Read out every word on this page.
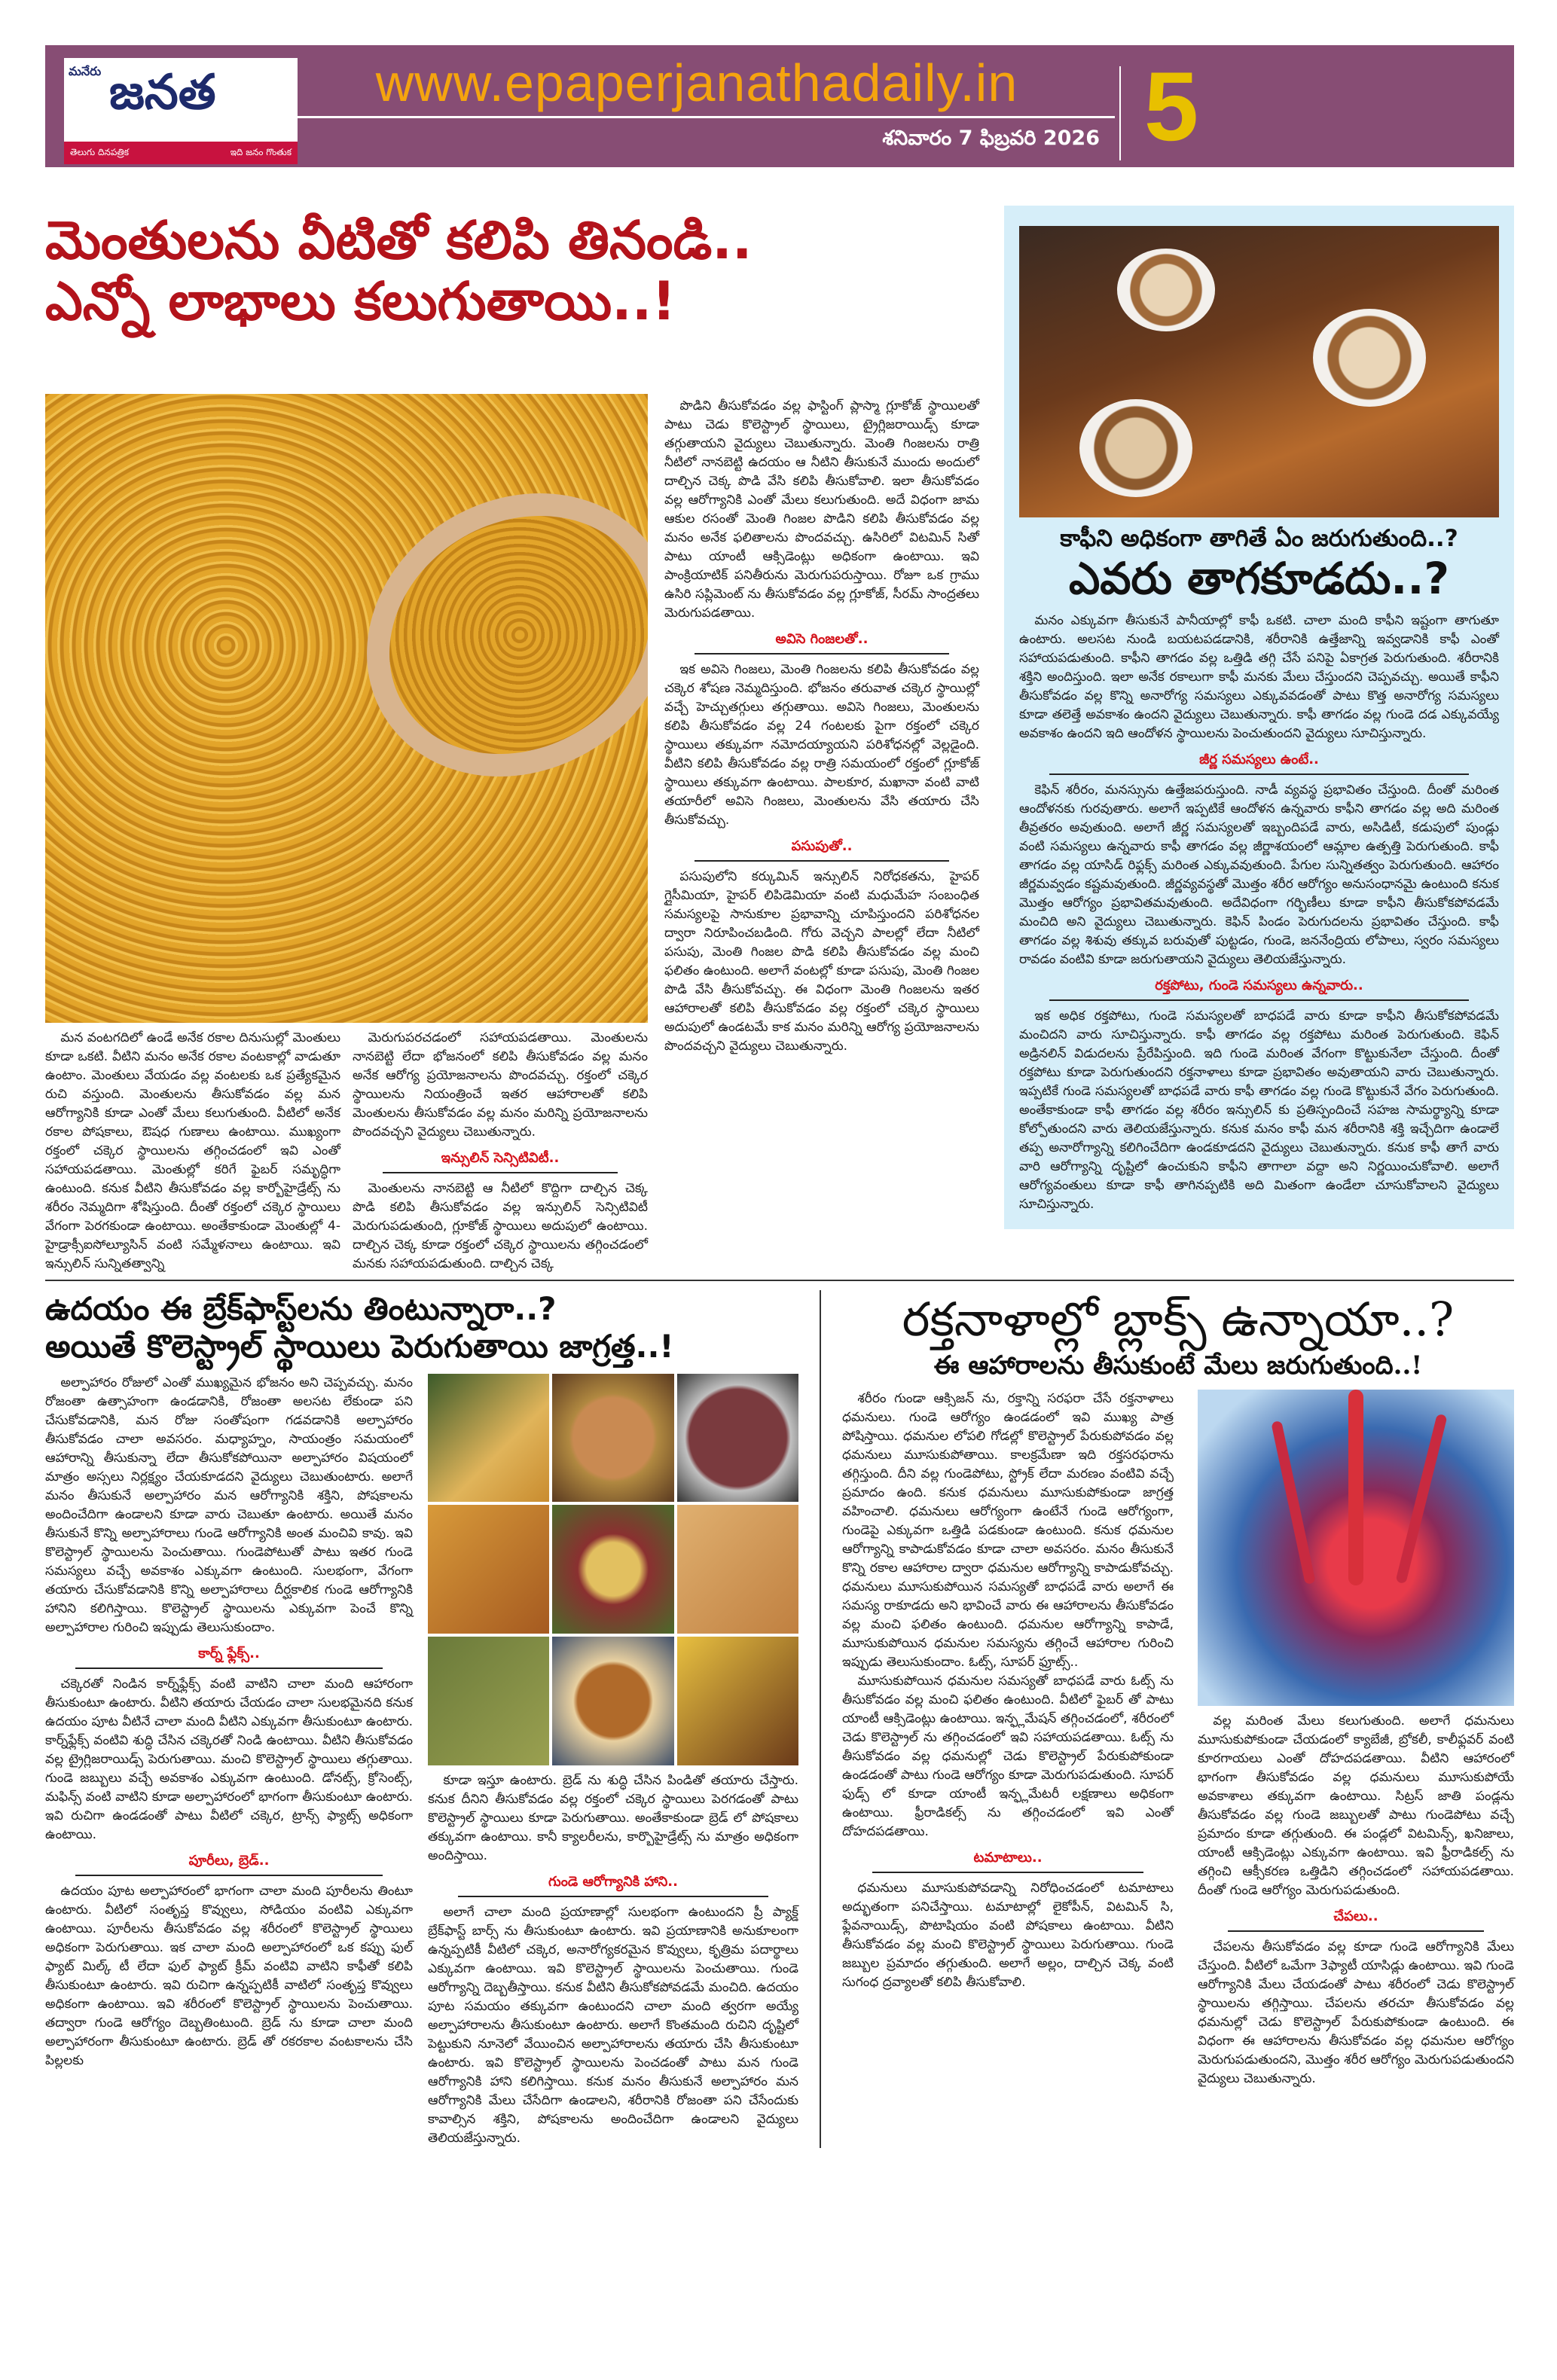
మనేరు జనత
తెలుగు దినపత్రిక	ఇది జనం గొంతుక
www.epaperjanathadaily.in
శనివారం 7 ఫిబ్రవరి 2026 5
మెంతులను వీటితో కలిపి తినండి..
ఎన్నో లాభాలు కలుగుతాయి..!

మన వంటగదిలో ఉండే అనేక రకాల దినుసుల్లో మెంతులు కూడా ఒకటి. వీటిని మనం అనేక రకాల వంటకాల్లో వాడుతూ ఉంటాం. మెంతులు వేయడం వల్ల వంటలకు ఒక ప్రత్యేకమైన రుచి వస్తుంది. మెంతులను తీసుకోవడం వల్ల మన ఆరోగ్యానికి కూడా ఎంతో మేలు కలుగుతుంది. వీటిలో అనేక రకాల పోషకాలు, ఔషధ గుణాలు ఉంటాయి. ముఖ్యంగా రక్తంలో చక్కెర స్థాయిలను తగ్గించడంలో ఇవి ఎంతో సహాయపడతాయి. మెంతుల్లో కరిగే ఫైబర్ సమృద్ధిగా ఉంటుంది. కనుక వీటిని తీసుకోవడం వల్ల కార్బోహైడ్రేట్స్ ను శరీరం నెమ్మదిగా శోషిస్తుంది. దీంతో రక్తంలో చక్కెర స్థాయిలు వేగంగా పెరగకుండా ఉంటాయి. అంతేకాకుండా మెంతుల్లో 4- హైడ్రాక్సీఐసోల్యూసిన్ వంటి సమ్మేళనాలు ఉంటాయి. ఇవి ఇన్సులిన్ సున్నితత్వాన్ని

మెరుగుపరచడంలో సహాయపడతాయి. మెంతులను నానబెట్టి లేదా భోజనంలో కలిపి తీసుకోవడం వల్ల మనం అనేక ఆరోగ్య ప్రయోజనాలను పొందవచ్చు. రక్తంలో చక్కెర స్థాయిలను నియంత్రించే ఇతర ఆహారాలతో కలిపి మెంతులను తీసుకోవడం వల్ల మనం మరిన్ని ప్రయోజనాలను పొందవచ్చని వైద్యులు చెబుతున్నారు.

ఇన్సులిన్ సెన్సిటివిటీ..

మెంతులను నానబెట్టి ఆ నీటిలో కొద్దిగా దాల్చిన చెక్క పొడి కలిపి తీసుకోవడం వల్ల ఇన్సులిన్ సెన్సిటివిటీ మెరుగుపడుతుంది, గ్లూకోజ్ స్థాయిలు అదుపులో ఉంటాయి. దాల్చిన చెక్క కూడా రక్తంలో చక్కెర స్థాయిలను తగ్గించడంలో మనకు సహాయపడుతుంది. దాల్చిన చెక్క

పొడిని తీసుకోవడం వల్ల ఫాస్టింగ్ ప్లాస్మా గ్లూకోజ్ స్థాయిలతో పాటు చెడు కొలెస్ట్రాల్ స్థాయిలు, ట్రైగ్లిజరాయిడ్స్ కూడా తగ్గుతాయని వైద్యులు చెబుతున్నారు. మెంతి గింజలను రాత్రి నీటిలో నానబెట్టి ఉదయం ఆ నీటిని తీసుకునే ముందు అందులో దాల్చిన చెక్క పొడి వేసి కలిపి తీసుకోవాలి. ఇలా తీసుకోవడం వల్ల ఆరోగ్యానికి ఎంతో మేలు కలుగుతుంది. అదే విధంగా జామ ఆకుల రసంతో మెంతి గింజల పొడిని కలిపి తీసుకోవడం వల్ల మనం అనేక ఫలితాలను పొందవచ్చు. ఉసిరిలో విటమిన్ సితో పాటు యాంటీ ఆక్సిడెంట్లు అధికంగా ఉంటాయి. ఇవి పాంక్రియాటిక్ పనితీరును మెరుగుపరుస్తాయి. రోజూ ఒక గ్రాము ఉసిరి సప్లిమెంట్ ను తీసుకోవడం వల్ల గ్లూకోజ్, సీరమ్ సాంద్రతలు మెరుగుపడతాయి.

అవిసె గింజలతో..

ఇక అవిసె గింజలు, మెంతి గింజలను కలిపి తీసుకోవడం వల్ల చక్కెర శోషణ నెమ్మదిస్తుంది. భోజనం తరువాత చక్కెర స్థాయిల్లో వచ్చే హెచ్చుతగ్గులు తగ్గుతాయి. అవిసె గింజలు, మెంతులను కలిపి తీసుకోవడం వల్ల 24 గంటలకు పైగా రక్తంలో చక్కెర స్థాయిలు తక్కువగా నమోదయ్యాయని పరిశోధనల్లో వెల్లడైంది. వీటిని కలిపి తీసుకోవడం వల్ల రాత్రి సమయంలో రక్తంలో గ్లూకోజ్ స్థాయిలు తక్కువగా ఉంటాయి. పాలకూర, మఖానా వంటి వాటి తయారీలో అవిసె గింజలు, మెంతులను వేసి తయారు చేసి తీసుకోవచ్చు.

పసుపుతో..

పసుపులోని కర్కుమిన్ ఇన్సులిన్ నిరోధకతను, హైపర్ గ్లైసీమియా, హైపర్ లిపిడెమియా వంటి మధుమేహ సంబంధిత సమస్యలపై సానుకూల ప్రభావాన్ని చూపిస్తుందని పరిశోధనల ద్వారా నిరూపించబడింది. గోరు వెచ్చని పాలల్లో లేదా నీటిలో పసుపు, మెంతి గింజల పొడి కలిపి తీసుకోవడం వల్ల మంచి ఫలితం ఉంటుంది. అలాగే వంటల్లో కూడా పసుపు, మెంతి గింజల పొడి వేసి తీసుకోవచ్చు. ఈ విధంగా మెంతి గింజలను ఇతర ఆహారాలతో కలిపి తీసుకోవడం వల్ల రక్తంలో చక్కెర స్థాయిలు అదుపులో ఉండటమే కాక మనం మరిన్ని ఆరోగ్య ప్రయోజనాలను పొందవచ్చని వైద్యులు చెబుతున్నారు.

కాఫీని అధికంగా తాగితే ఏం జరుగుతుంది..?
ఎవరు తాగకూడదు..?

మనం ఎక్కువగా తీసుకునే పానీయాల్లో కాఫీ ఒకటి. చాలా మంది కాఫీని ఇష్టంగా తాగుతూ ఉంటారు. అలసట నుండి బయటపడడానికి, శరీరానికి ఉత్తేజాన్ని ఇవ్వడానికి కాఫీ ఎంతో సహాయపడుతుంది. కాఫీని తాగడం వల్ల ఒత్తిడి తగ్గి చేసే పనిపై ఏకాగ్రత పెరుగుతుంది. శరీరానికి శక్తిని అందిస్తుంది. ఇలా అనేక రకాలుగా కాఫీ మనకు మేలు చేస్తుందని చెప్పవచ్చు. అయితే కాఫీని తీసుకోవడం వల్ల కొన్ని అనారోగ్య సమస్యలు ఎక్కువవడంతో పాటు కొత్త అనారోగ్య సమస్యలు కూడా తలెత్తే అవకాశం ఉందని వైద్యులు చెబుతున్నారు. కాఫీ తాగడం వల్ల గుండె దడ ఎక్కువయ్యే అవకాశం ఉందని ఇది ఆందోళన స్థాయిలను పెంచుతుందని వైద్యులు సూచిస్తున్నారు.

జీర్ణ సమస్యలు ఉంటే..

కెఫిన్ శరీరం, మనస్సును ఉత్తేజపరుస్తుంది. నాడీ వ్యవస్థ ప్రభావితం చేస్తుంది. దీంతో మరింత ఆందోళనకు గురవుతారు. అలాగే ఇప్పటికే ఆందోళన ఉన్నవారు కాఫీని తాగడం వల్ల అది మరింత తీవ్రతరం అవుతుంది. అలాగే జీర్ణ సమస్యలతో ఇబ్బందిపడే వారు, అసిడిటీ, కడుపులో పుండ్లు వంటి సమస్యలు ఉన్నవారు కాఫీ తాగడం వల్ల జీర్ణాశయంలో ఆమ్లాల ఉత్పత్తి పెరుగుతుంది. కాఫీ తాగడం వల్ల యాసిడ్ రిఫ్లక్స్ మరింత ఎక్కువవుతుంది. పేగుల సున్నితత్వం పెరుగుతుంది. ఆహారం జీర్ణమవ్వడం కష్టమవుతుంది. జీర్ణవ్యవస్థతో మొత్తం శరీర ఆరోగ్యం అనుసంధానమై ఉంటుంది కనుక మొత్తం ఆరోగ్యం ప్రభావితమవుతుంది. అదేవిధంగా గర్భిణీలు కూడా కాఫీని తీసుకోకపోవడమే మంచిది అని వైద్యులు చెబుతున్నారు. కెఫిన్ పిండం పెరుగుదలను ప్రభావితం చేస్తుంది. కాఫీ తాగడం వల్ల శిశువు తక్కువ బరువుతో పుట్టడం, గుండె, జననేంద్రియ లోపాలు, స్వరం సమస్యలు రావడం వంటివి కూడా జరుగుతాయని వైద్యులు తెలియజేస్తున్నారు.

రక్తపోటు, గుండె సమస్యలు ఉన్నవారు..

ఇక అధిక రక్తపోటు, గుండె సమస్యలతో బాధపడే వారు కూడా కాఫీని తీసుకోకపోవడమే మంచిదని వారు సూచిస్తున్నారు. కాఫీ తాగడం వల్ల రక్తపోటు మరింత పెరుగుతుంది. కెఫిన్ అడ్రినలిన్ విడుదలను ప్రేరేపిస్తుంది. ఇది గుండె మరింత వేగంగా కొట్టుకునేలా చేస్తుంది. దీంతో రక్తపోటు కూడా పెరుగుతుందని రక్తనాళాలు కూడా ప్రభావితం అవుతాయని వారు చెబుతున్నారు. ఇప్పటికే గుండె సమస్యలతో బాధపడే వారు కాఫీ తాగడం వల్ల గుండె కొట్టుకునే వేగం పెరుగుతుంది. అంతేకాకుండా కాఫీ తాగడం వల్ల శరీరం ఇన్సులిన్ కు ప్రతిస్పందించే సహజ సామర్థ్యాన్ని కూడా కోల్పోతుందని వారు తెలియజేస్తున్నారు. కనుక మనం కాఫీ మన శరీరానికి శక్తి ఇచ్చేదిగా ఉండాలే తప్ప అనారోగ్యాన్ని కలిగించేదిగా ఉండకూడదని వైద్యులు చెబుతున్నారు. కనుక కాఫీ తాగే వారు వారి ఆరోగ్యాన్ని దృష్టిలో ఉంచుకుని కాఫీని తాగాలా వద్దా అని నిర్ణయించుకోవాలి. అలాగే ఆరోగ్యవంతులు కూడా కాఫీ తాగినప్పటికి అది మితంగా ఉండేలా చూసుకోవాలని వైద్యులు సూచిస్తున్నారు.

ఉదయం ఈ బ్రేక్‌ఫాస్ట్‌లను తింటున్నారా..?
అయితే కొలెస్ట్రాల్ స్థాయిలు పెరుగుతాయి జాగ్రత్త..!

అల్పాహారం రోజులో ఎంతో ముఖ్యమైన భోజనం అని చెప్పవచ్చు. మనం రోజంతా ఉత్సాహంగా ఉండడానికి, రోజంతా అలసట లేకుండా పని చేసుకోవడానికి, మన రోజు సంతోషంగా గడవడానికి అల్పాహారం తీసుకోవడం చాలా అవసరం. మధ్యాహ్నం, సాయంత్రం సమయంలో ఆహారాన్ని తీసుకున్నా లేదా తీసుకోకపోయినా అల్పాహారం విషయంలో మాత్రం అస్సలు నిర్లక్ష్యం చేయకూడదని వైద్యులు చెబుతుంటారు. అలాగే మనం తీసుకునే అల్పాహారం మన ఆరోగ్యానికి శక్తిని, పోషకాలను అందించేదిగా ఉండాలని కూడా వారు చెబుతూ ఉంటారు. అయితే మనం తీసుకునే కొన్ని అల్పాహారాలు గుండె ఆరోగ్యానికి అంత మంచివి కావు. ఇవి కొలెస్ట్రాల్ స్థాయిలను పెంచుతాయి. గుండెపోటుతో పాటు ఇతర గుండె సమస్యలు వచ్చే అవకాశం ఎక్కువగా ఉంటుంది. సులభంగా, వేగంగా తయారు చేసుకోవడానికి కొన్ని అల్పాహారాలు దీర్ఘకాలిక గుండె ఆరోగ్యానికి హానిని కలిగిస్తాయి. కొలెస్ట్రాల్ స్థాయిలను ఎక్కువగా పెంచే కొన్ని అల్పాహారాల గురించి ఇప్పుడు తెలుసుకుందాం.

కార్న్ ఫ్లేక్స్..

చక్కెరతో నిండిన కార్న్‌ఫ్లేక్స్ వంటి వాటిని చాలా మంది ఆహారంగా తీసుకుంటూ ఉంటారు. వీటిని తయారు చేయడం చాలా సులభమైనది కనుక ఉదయం పూట వీటినే చాలా మంది వీటిని ఎక్కువగా తీసుకుంటూ ఉంటారు. కార్న్‌ఫ్లేక్స్ వంటివి శుద్ధి చేసిన చక్కెరతో నిండి ఉంటాయి. వీటిని తీసుకోవడం వల్ల ట్రైగ్లిజరాయిడ్స్ పెరుగుతాయి. మంచి కొలెస్ట్రాల్ స్థాయిలు తగ్గుతాయి. గుండె జబ్బులు వచ్చే అవకాశం ఎక్కువగా ఉంటుంది. డోనట్స్, క్రోసెంట్స్, మఫిన్స్ వంటి వాటిని కూడా అల్పాహారంలో భాగంగా తీసుకుంటూ ఉంటారు. ఇవి రుచిగా ఉండడంతో పాటు వీటిలో చక్కెర, ట్రాన్స్ ఫ్యాట్స్ అధికంగా ఉంటాయి.

పూరీలు, బ్రెడ్..

ఉదయం పూట అల్పాహారంలో భాగంగా చాలా మంది పూరీలను తింటూ ఉంటారు. వీటిలో సంతృప్త కొవ్వులు, సోడియం వంటివి ఎక్కువగా ఉంటాయి. పూరీలను తీసుకోవడం వల్ల శరీరంలో కొలెస్ట్రాల్ స్థాయిలు అధికంగా పెరుగుతాయి. ఇక చాలా మంది అల్పాహారంలో ఒక కప్పు ఫుల్ ఫ్యాట్ మిల్క్ టీ లేదా ఫుల్ ఫ్యాట్ క్రీమ్ వంటివి వాటిని కాఫీతో కలిపి తీసుకుంటూ ఉంటారు. ఇవి రుచిగా ఉన్నప్పటికీ వాటిలో సంతృప్త కొవ్వులు అధికంగా ఉంటాయి. ఇవి శరీరంలో కొలెస్ట్రాల్ స్థాయిలను పెంచుతాయి. తద్వారా గుండె ఆరోగ్యం దెబ్బతింటుంది. బ్రెడ్ ను కూడా చాలా మంది అల్పాహారంగా తీసుకుంటూ ఉంటారు. బ్రెడ్ తో రకరకాల వంటకాలను చేసి పిల్లలకు

కూడా ఇస్తూ ఉంటారు. బ్రెడ్ ను శుద్ధి చేసిన పిండితో తయారు చేస్తారు. కనుక దీనిని తీసుకోవడం వల్ల రక్తంలో చక్కెర స్థాయిలు పెరగడంతో పాటు కొలెస్ట్రాల్ స్థాయిలు కూడా పెరుగుతాయి. అంతేకాకుండా బ్రెడ్ లో పోషకాలు తక్కువగా ఉంటాయి. కానీ క్యాలరీలను, కార్బొహైడ్రేట్స్ ను మాత్రం అధికంగా అందిస్తాయి.

గుండె ఆరోగ్యానికి హాని..

అలాగే చాలా మంది ప్రయాణాల్లో సులభంగా ఉంటుందని ప్రీ ప్యాక్డ్ బ్రేక్‌ఫాస్ట్ బార్స్ ను తీసుకుంటూ ఉంటారు. ఇవి ప్రయాణానికి అనుకూలంగా ఉన్నప్పటికీ వీటిలో చక్కెర, అనారోగ్యకరమైన కొవ్వులు, కృత్రిమ పదార్థాలు ఎక్కువగా ఉంటాయి. ఇవి కొలెస్ట్రాల్ స్థాయిలను పెంచుతాయి. గుండె ఆరోగ్యాన్ని దెబ్బతీస్తాయి. కనుక వీటిని తీసుకోకపోవడమే మంచిది. ఉదయం పూట సమయం తక్కువగా ఉంటుందని చాలా మంది త్వరగా అయ్యే అల్పాహారాలను తీసుకుంటూ ఉంటారు. అలాగే కొంతమంది రుచిని దృష్టిలో పెట్టుకుని నూనెలో వేయించిన అల్పాహారాలను తయారు చేసి తీసుకుంటూ ఉంటారు. ఇవి కొలెస్ట్రాల్ స్థాయిలను పెంచడంతో పాటు మన గుండె ఆరోగ్యానికి హాని కలిగిస్తాయి. కనుక మనం తీసుకునే అల్పాహారం మన ఆరోగ్యానికి మేలు చేసేదిగా ఉండాలని, శరీరానికి రోజంతా పని చేసేందుకు కావాల్సిన శక్తిని, పోషకాలను అందించేదిగా ఉండాలని వైద్యులు తెలియజేస్తున్నారు.

రక్తనాళాల్లో బ్లాక్స్ ఉన్నాయా..?
ఈ ఆహారాలను తీసుకుంటే మేలు జరుగుతుంది..!

శరీరం గుండా ఆక్సిజన్ ను, రక్తాన్ని సరఫరా చేసే రక్తనాళాలు ధమనులు. గుండె ఆరోగ్యం ఉండడంలో ఇవి ముఖ్య పాత్ర పోషిస్తాయి. ధమనుల లోపలి గోడల్లో కొలెస్ట్రాల్ పేరుకుపోవడం వల్ల ధమనులు మూసుకుపోతాయి. కాలక్రమేణా ఇది రక్తసరఫరాను తగ్గిస్తుంది. దీని వల్ల గుండెపోటు, స్ట్రోక్ లేదా మరణం వంటివి వచ్చే ప్రమాదం ఉంది. కనుక ధమనులు మూసుకుపోకుండా జాగ్రత్త వహించాలి. ధమనులు ఆరోగ్యంగా ఉంటేనే గుండె ఆరోగ్యంగా, గుండెపై ఎక్కువగా ఒత్తిడి పడకుండా ఉంటుంది. కనుక ధమనుల ఆరోగ్యాన్ని కాపాడుకోవడం కూడా చాలా అవసరం. మనం తీసుకునే కొన్ని రకాల ఆహారాల ద్వారా ధమనుల ఆరోగ్యాన్ని కాపాడుకోవచ్చు. ధమనులు మూసుకుపోయిన సమస్యతో బాధపడే వారు అలాగే ఈ సమస్య రాకూడదు అని భావించే వారు ఈ ఆహారాలను తీసుకోవడం వల్ల మంచి ఫలితం ఉంటుంది. ధమనుల ఆరోగ్యాన్ని కాపాడే, మూసుకుపోయిన ధమనుల సమస్యను తగ్గించే ఆహారాల గురించి ఇప్పుడు తెలుసుకుందాం. ఓట్స్, సూపర్ ఫ్రూట్స్..

మూసుకుపోయిన ధమనుల సమస్యతో బాధపడే వారు ఓట్స్ ను తీసుకోవడం వల్ల మంచి ఫలితం ఉంటుంది. వీటిలో ఫైబర్ తో పాటు యాంటీ ఆక్సిడెంట్లు ఉంటాయి. ఇన్ఫ్లమేషన్ తగ్గించడంలో, శరీరంలో చెడు కొలెస్ట్రాల్ ను తగ్గించడంలో ఇవి సహాయపడతాయి. ఓట్స్ ను తీసుకోవడం వల్ల ధమనుల్లో చెడు కొలెస్ట్రాల్ పేరుకుపోకుండా ఉండడంతో పాటు గుండె ఆరోగ్యం కూడా మెరుగుపడుతుంది. సూపర్ ఫుడ్స్ లో కూడా యాంటీ ఇన్ఫ్లమేటరీ లక్షణాలు అధికంగా ఉంటాయి. ఫ్రీరాడికల్స్ ను తగ్గించడంలో ఇవి ఎంతో దోహదపడతాయి.

టమాటాలు..

ధమనులు మూసుకుపోవడాన్ని నిరోధించడంలో టమాటాలు అద్భుతంగా పనిచేస్తాయి. టమాటాల్లో లైకోపీన్, విటమిన్ సి, ఫ్లేవనాయిడ్స్, పొటాషియం వంటి పోషకాలు ఉంటాయి. వీటిని తీసుకోవడం వల్ల మంచి కొలెస్ట్రాల్ స్థాయిలు పెరుగుతాయి. గుండె జబ్బుల ప్రమాదం తగ్గుతుంది. అలాగే అల్లం, దాల్చిన చెక్క వంటి సుగంధ ద్రవ్యాలతో కలిపి తీసుకోవాలి.

వల్ల మరింత మేలు కలుగుతుంది. అలాగే ధమనులు మూసుకుపోకుండా చేయడంలో క్యాబేజీ, బ్రోకలీ, కాలీఫ్లవర్ వంటి కూరగాయలు ఎంతో దోహదపడతాయి. వీటిని ఆహారంలో భాగంగా తీసుకోవడం వల్ల ధమనులు మూసుకుపోయే అవకాశాలు తక్కువగా ఉంటాయి. సిట్రస్ జాతి పండ్లను తీసుకోవడం వల్ల గుండె జబ్బులతో పాటు గుండెపోటు వచ్చే ప్రమాదం కూడా తగ్గుతుంది. ఈ పండ్లలో విటమిన్స్, ఖనిజాలు, యాంటీ ఆక్సిడెంట్లు ఎక్కువగా ఉంటాయి. ఇవి ఫ్రీరాడికల్స్ ను తగ్గించి ఆక్సీకరణ ఒత్తిడిని తగ్గించడంలో సహాయపడతాయి. దీంతో గుండె ఆరోగ్యం మెరుగుపడుతుంది.

చేపలు..

చేపలను తీసుకోవడం వల్ల కూడా గుండె ఆరోగ్యానికి మేలు చేస్తుంది. వీటిలో ఒమేగా 3ఫ్యాటీ యాసిడ్లు ఉంటాయి. ఇవి గుండె ఆరోగ్యానికి మేలు చేయడంతో పాటు శరీరంలో చెడు కొలెస్ట్రాల్ స్థాయిలను తగ్గిస్తాయి. చేపలను తరచూ తీసుకోవడం వల్ల ధమనుల్లో చెడు కొలెస్ట్రాల్ పేరుకుపోకుండా ఉంటుంది. ఈ విధంగా ఈ ఆహారాలను తీసుకోవడం వల్ల ధమనుల ఆరోగ్యం మెరుగుపడుతుందని, మొత్తం శరీర ఆరోగ్యం మెరుగుపడుతుందని వైద్యులు చెబుతున్నారు.
